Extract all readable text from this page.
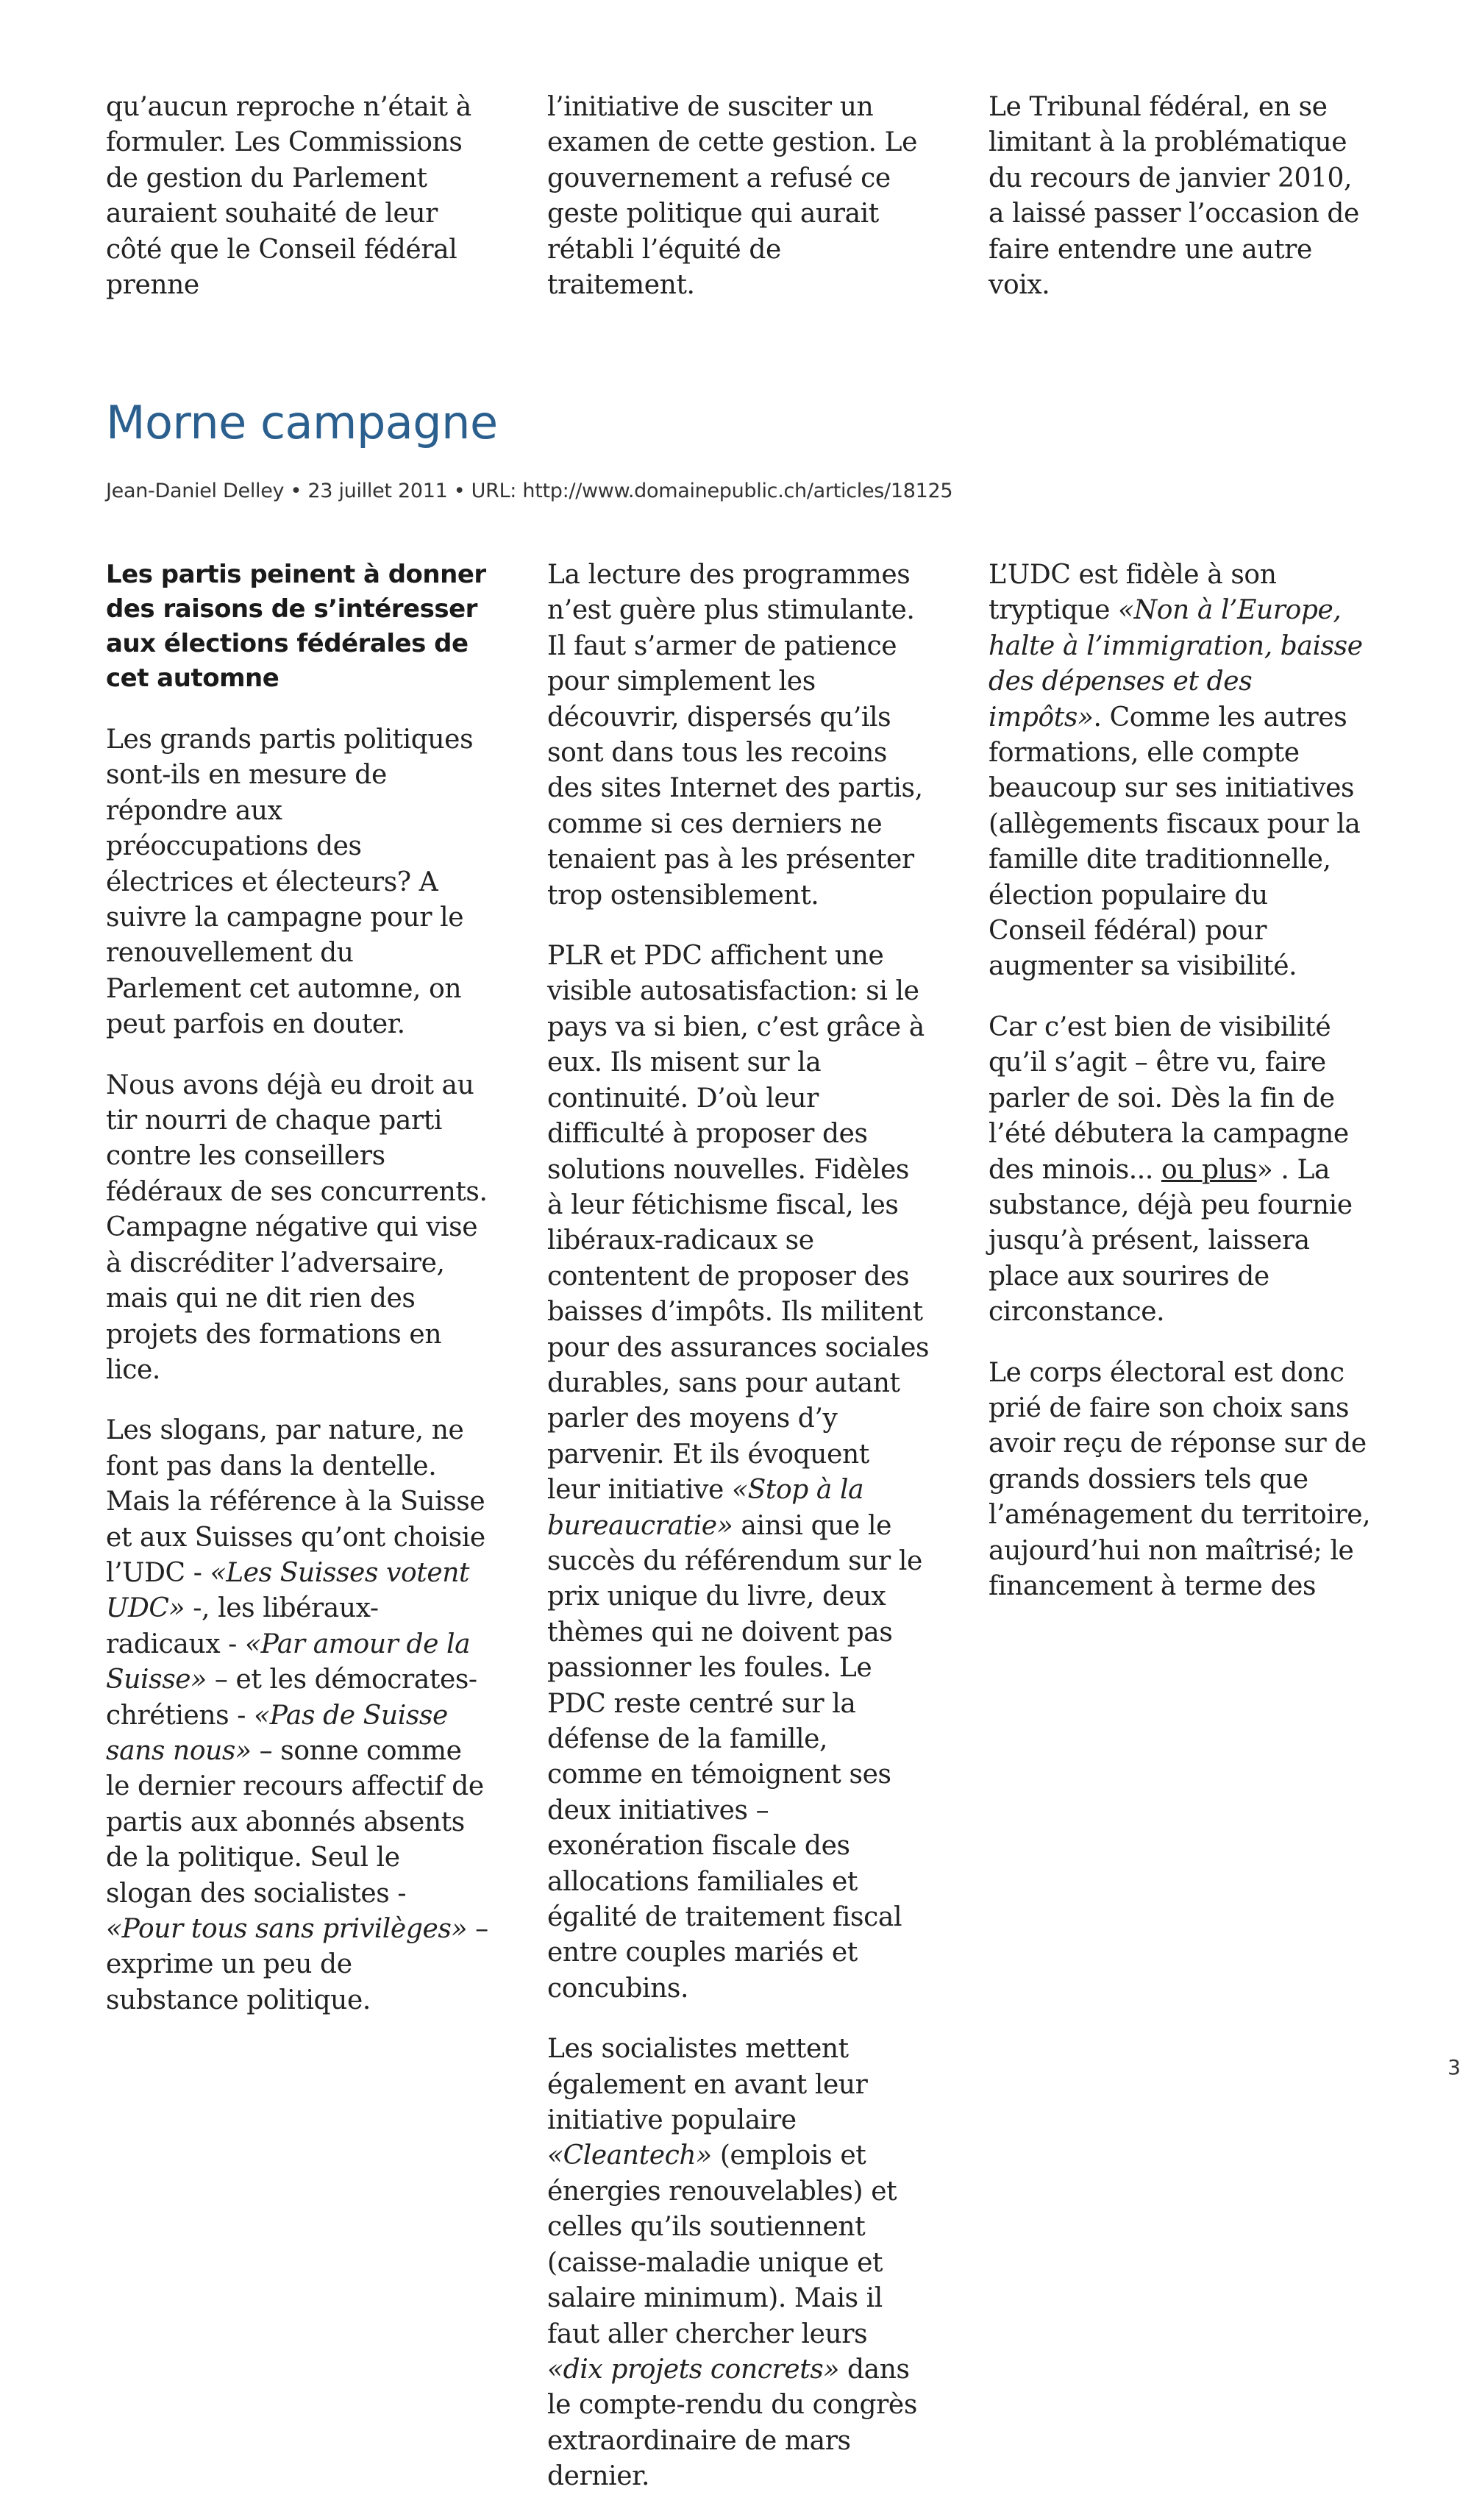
qu’aucun reproche n’était à formuler. Les Commissions de gestion du Parlement auraient souhaité de leur côté que le Conseil fédéral prenne

l’initiative de susciter un examen de cette gestion. Le gouvernement a refusé ce geste politique qui aurait rétabli l’équité de traitement.

Le Tribunal fédéral, en se limitant à la problématique du recours de janvier 2010, a laissé passer l’occasion de faire entendre une autre voix.

Morne campagne
Jean-Daniel Delley • 23 juillet 2011 • URL: http://www.domainepublic.ch/articles/18125
Les partis peinent à donner des raisons de s’intéresser aux élections fédérales de cet automne

Les grands partis politiques sont-ils en mesure de répondre aux préoccupations des électrices et électeurs? A suivre la campagne pour le renouvellement du Parlement cet automne, on peut parfois en douter.

Nous avons déjà eu droit au tir nourri de chaque parti contre les conseillers fédéraux de ses concurrents. Campagne négative qui vise à discréditer l’adversaire, mais qui ne dit rien des projets des formations en lice.

Les slogans, par nature, ne font pas dans la dentelle. Mais la référence à la Suisse et aux Suisses qu’ont choisie l’UDC - «Les Suisses votent UDC» -, les libéraux-radicaux - «Par amour de la Suisse» – et les démocrates-chrétiens - «Pas de Suisse sans nous» – sonne comme le dernier recours affectif de partis aux abonnés absents de la politique. Seul le slogan des socialistes - «Pour tous sans privilèges» – exprime un peu de substance politique.

La lecture des programmes n’est guère plus stimulante. Il faut s’armer de patience pour simplement les découvrir, dispersés qu’ils sont dans tous les recoins des sites Internet des partis, comme si ces derniers ne tenaient pas à les présenter trop ostensiblement.

PLR et PDC affichent une visible autosatisfaction: si le pays va si bien, c’est grâce à eux. Ils misent sur la continuité. D’où leur difficulté à proposer des solutions nouvelles. Fidèles à leur fétichisme fiscal, les libéraux-radicaux se contentent de proposer des baisses d’impôts. Ils militent pour des assurances sociales durables, sans pour autant parler des moyens d’y parvenir. Et ils évoquent leur initiative «Stop à la bureaucratie» ainsi que le succès du référendum sur le prix unique du livre, deux thèmes qui ne doivent pas passionner les foules. Le PDC reste centré sur la défense de la famille, comme en témoignent ses deux initiatives – exonération fiscale des allocations familiales et égalité de traitement fiscal entre couples mariés et concubins.

Les socialistes mettent également en avant leur initiative populaire «Cleantech» (emplois et énergies renouvelables) et celles qu’ils soutiennent (caisse-maladie unique et salaire minimum). Mais il faut aller chercher leurs «dix projets concrets» dans le compte-rendu du congrès extraordinaire de mars dernier.

L’UDC est fidèle à son tryptique «Non à l’Europe, halte à l’immigration, baisse des dépenses et des impôts». Comme les autres formations, elle compte beaucoup sur ses initiatives (allègements fiscaux pour la famille dite traditionnelle, élection populaire du Conseil fédéral) pour augmenter sa visibilité.

Car c’est bien de visibilité qu’il s’agit – être vu, faire parler de soi. Dès la fin de l’été débutera la campagne des minois... ou plus» . La substance, déjà peu fournie jusqu’à présent, laissera place aux sourires de circonstance.

Le corps électoral est donc prié de faire son choix sans avoir reçu de réponse sur de grands dossiers tels que l’aménagement du territoire, aujourd’hui non maîtrisé; le financement à terme des

3
